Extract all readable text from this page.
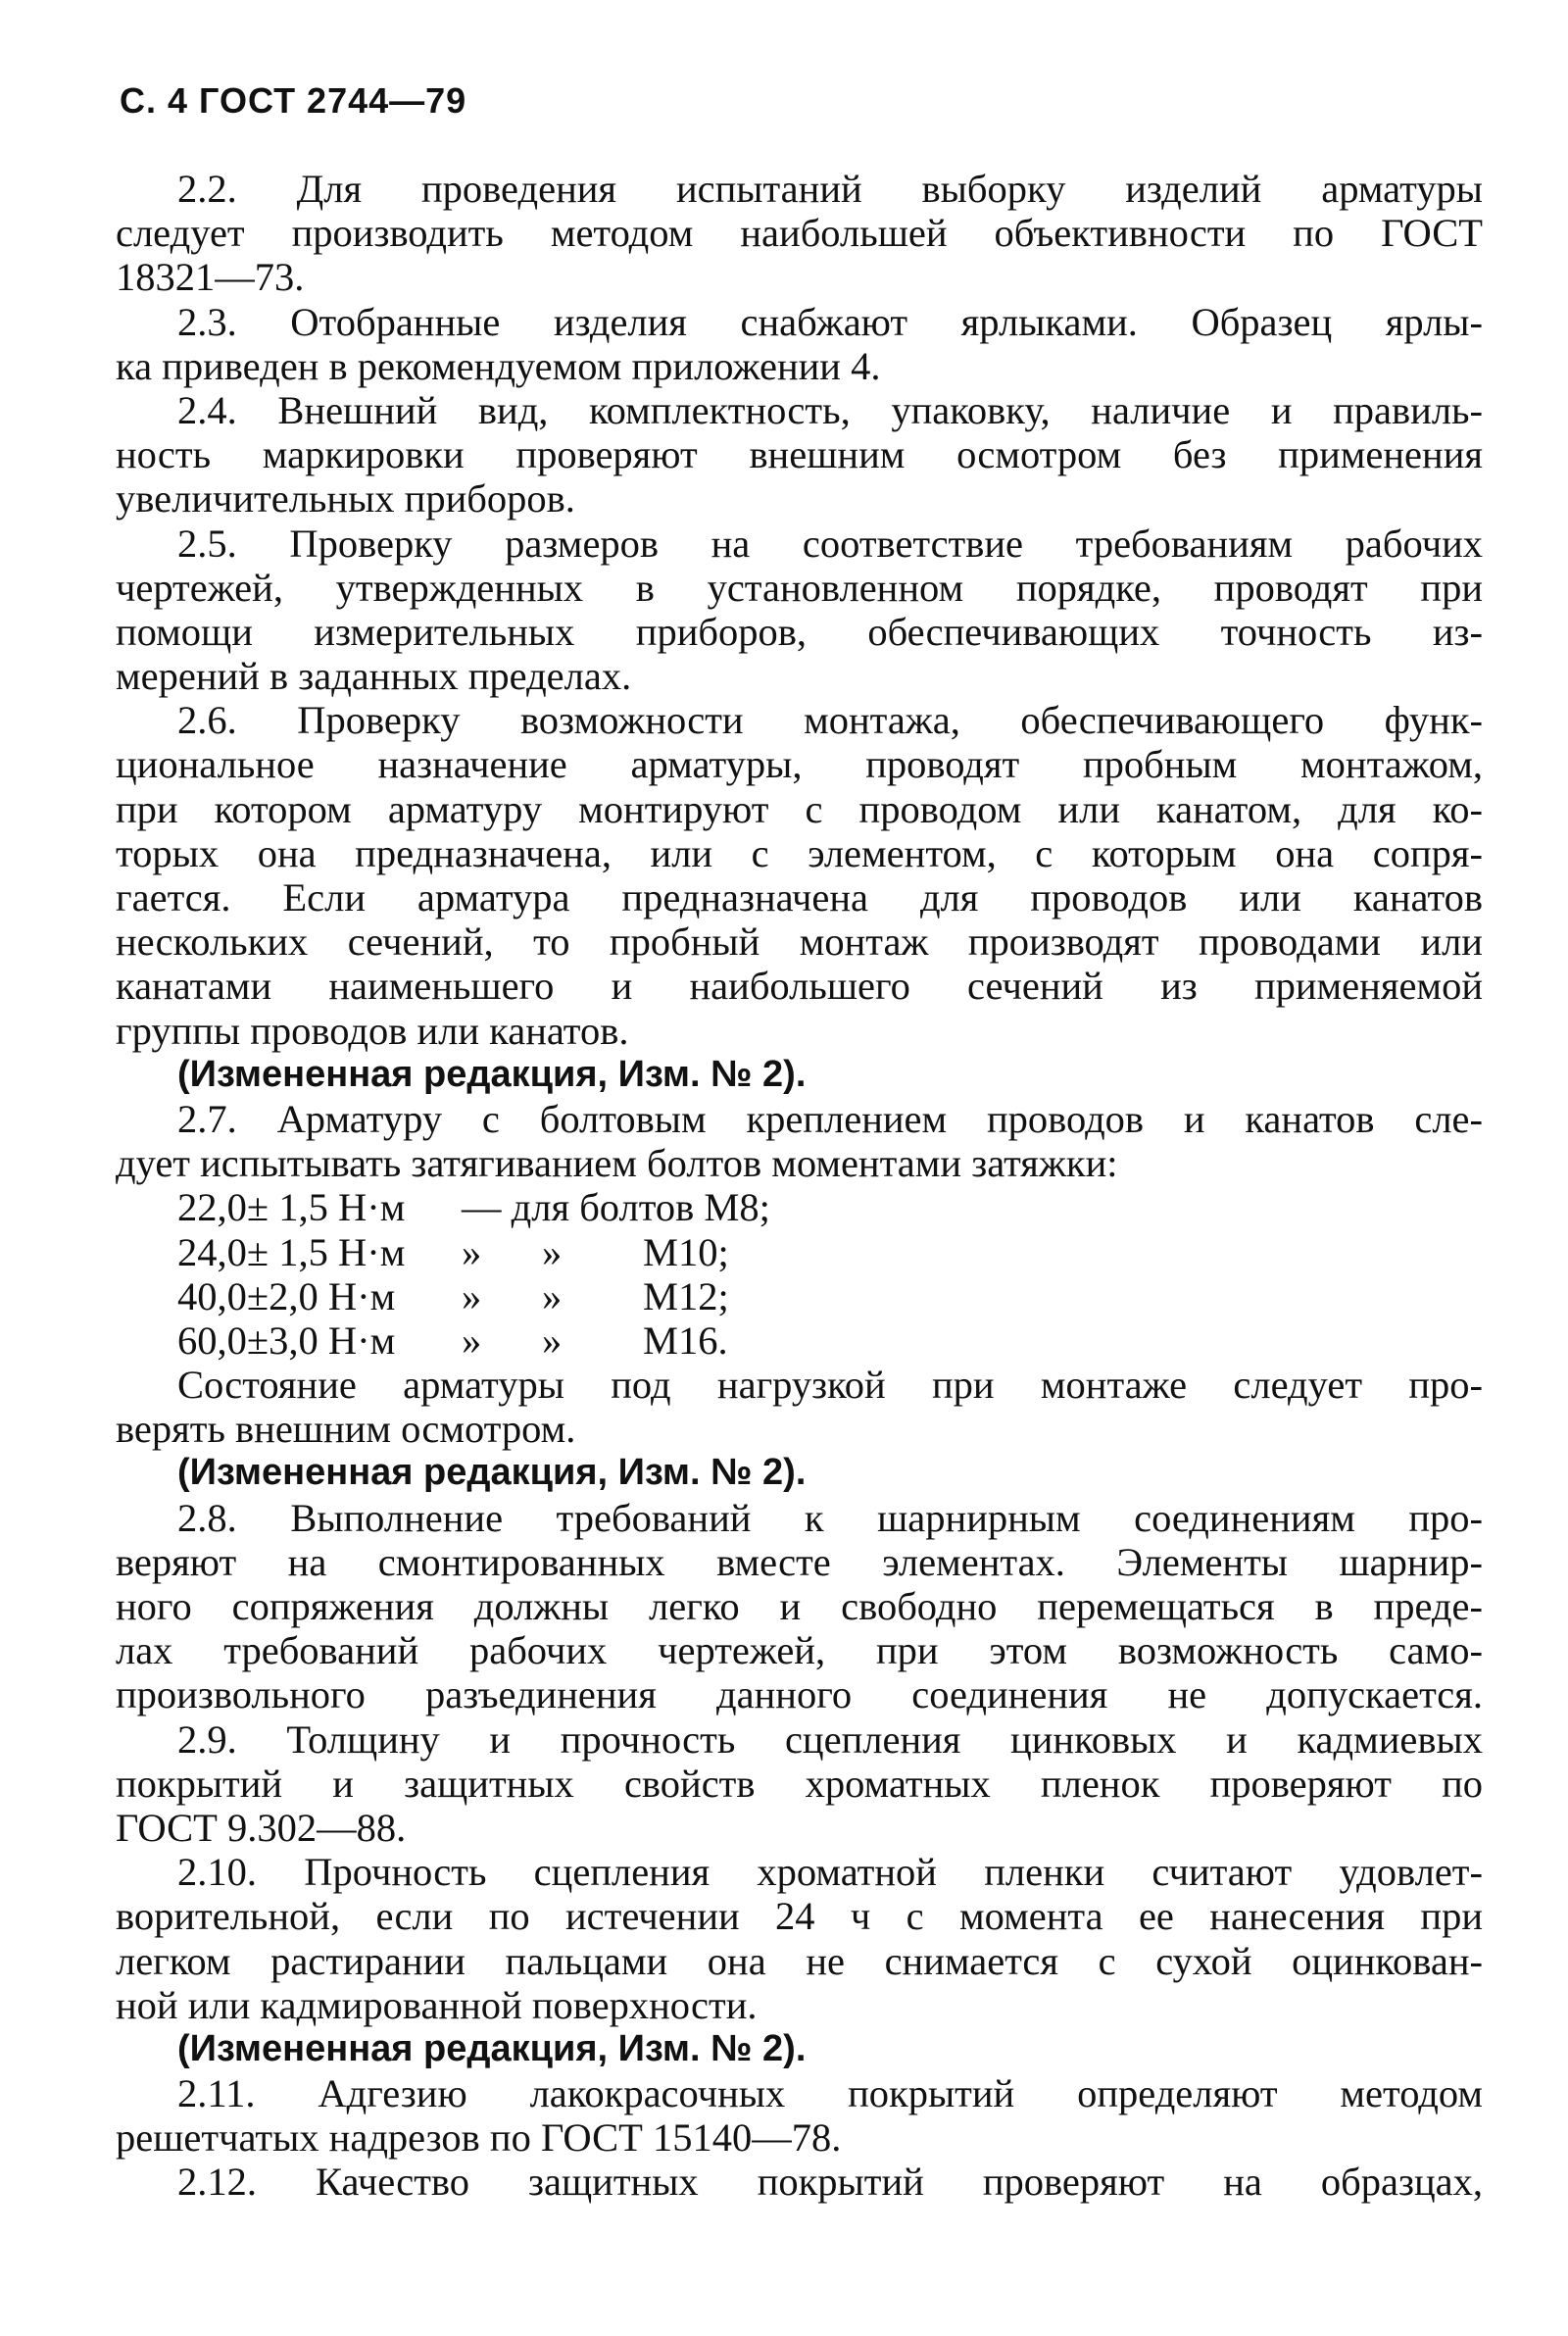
С. 4 ГОСТ 2744—79
2.2. Для проведения испытаний выборку изделий арматуры
следует производить методом наибольшей объективности по ГОСТ
18321—73.
2.3. Отобранные изделия снабжают ярлыками. Образец ярлы-
ка приведен в рекомендуемом приложении 4.
2.4. Внешний вид, комплектность, упаковку, наличие и правиль-
ность маркировки проверяют внешним осмотром без применения
увеличительных приборов.
2.5. Проверку размеров на соответствие требованиям рабочих
чертежей, утвержденных в установленном порядке, проводят при
помощи измерительных приборов, обеспечивающих точность из-
мерений в заданных пределах.
2.6. Проверку возможности монтажа, обеспечивающего функ-
циональное назначение арматуры, проводят пробным монтажом,
при котором арматуру монтируют с проводом или канатом, для ко-
торых она предназначена, или с элементом, с которым она сопря-
гается. Если арматура предназначена для проводов или канатов
нескольких сечений, то пробный монтаж производят проводами или
канатами наименьшего и наибольшего сечений из применяемой
группы проводов или канатов.
(Измененная редакция, Изм. № 2).
2.7. Арматуру с болтовым креплением проводов и канатов сле-
дует испытывать затягиванием болтов моментами затяжки:
22,0± 1,5 Н·м	— для болтов М8;
24,0± 1,5 Н·м	»	»	М10;
40,0±2,0 Н·м	»	»	М12;
60,0±3,0 Н·м	»	»	М16.
Состояние арматуры под нагрузкой при монтаже следует про-
верять внешним осмотром.
(Измененная редакция, Изм. № 2).
2.8. Выполнение требований к шарнирным соединениям про-
веряют на смонтированных вместе элементах. Элементы шарнир-
ного сопряжения должны легко и свободно перемещаться в преде-
лах требований рабочих чертежей, при этом возможность само-
произвольного разъединения данного соединения не допускается.
2.9. Толщину и прочность сцепления цинковых и кадмиевых
покрытий и защитных свойств хроматных пленок проверяют по
ГОСТ 9.302—88.
2.10. Прочность сцепления хроматной пленки считают удовлет-
ворительной, если по истечении 24 ч с момента ее нанесения при
легком растирании пальцами она не снимается с сухой оцинкован-
ной или кадмированной поверхности.
(Измененная редакция, Изм. № 2).
2.11. Адгезию лакокрасочных покрытий определяют методом
решетчатых надрезов по ГОСТ 15140—78.
2.12. Качество защитных покрытий проверяют на образцах,
